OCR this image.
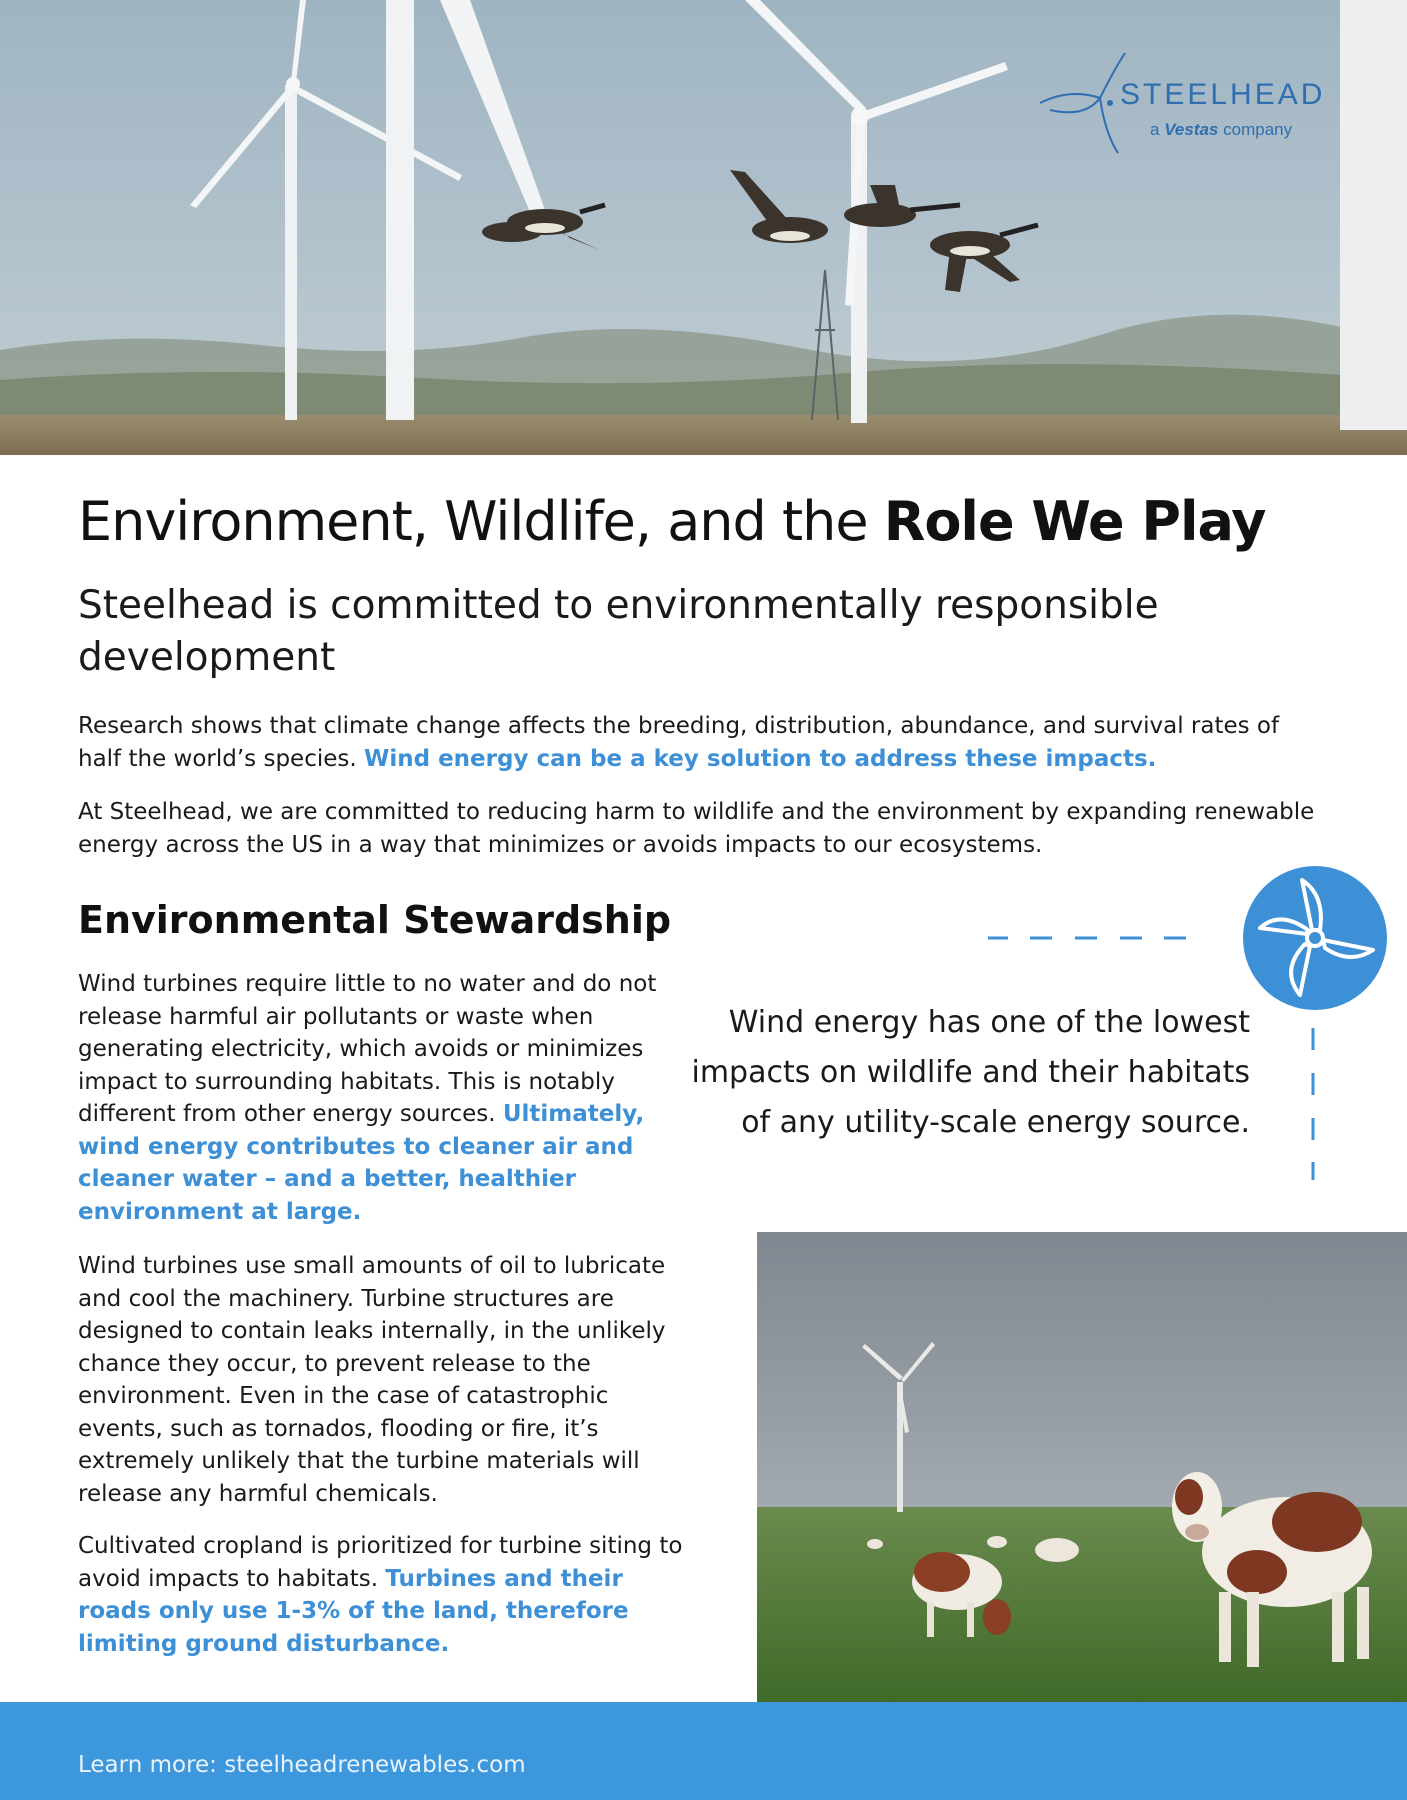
STEELHEAD
a Vestas company
Environment, Wildlife, and the Role We Play

Steelhead is committed to environmentally responsible development

Research shows that climate change affects the breeding, distribution, abundance, and survival rates of half the world’s species. Wind energy can be a key solution to address these impacts.

At Steelhead, we are committed to reducing harm to wildlife and the environment by expanding renewable energy across the US in a way that minimizes or avoids impacts to our ecosystems.

Environmental Stewardship

Wind turbines require little to no water and do not release harmful air pollutants or waste when generating electricity, which avoids or minimizes impact to surrounding habitats. This is notably different from other energy sources. Ultimately, wind energy contributes to cleaner air and cleaner water – and a better, healthier environment at large.

Wind turbines use small amounts of oil to lubricate and cool the machinery. Turbine structures are designed to contain leaks internally, in the unlikely chance they occur, to prevent release to the environment. Even in the case of catastrophic events, such as tornados, flooding or fire, it’s extremely unlikely that the turbine materials will release any harmful chemicals.

Cultivated cropland is prioritized for turbine siting to avoid impacts to habitats. Turbines and their roads only use 1-3% of the land, therefore limiting ground disturbance.

Wind energy has one of the lowest impacts on wildlife and their habitats of any utility-scale energy source.

Learn more: steelheadrenewables.com
